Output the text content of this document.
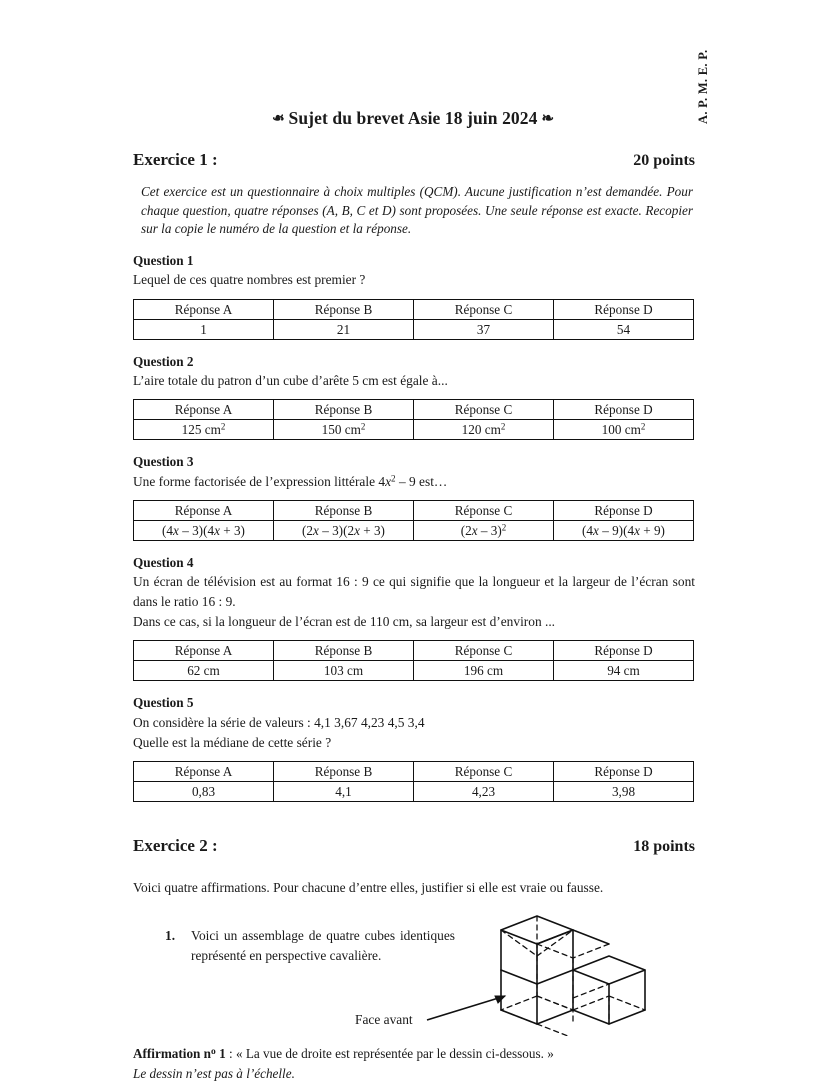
A. P. M. E. P.
❧ Sujet du brevet Asie 18 juin 2024 ❧
Exercice 1 :	20 points
Cet exercice est un questionnaire à choix multiples (QCM). Aucune justification n’est demandée. Pour chaque question, quatre réponses (A, B, C et D) sont proposées. Une seule réponse est exacte. Recopier sur la copie le numéro de la question et la réponse.
Question 1
Lequel de ces quatre nombres est premier ?
Réponse A	Réponse B	Réponse C	Réponse D
1	21	37	54
Question 2
L’aire totale du patron d’un cube d’arête 5 cm est égale à...
Réponse A	Réponse B	Réponse C	Réponse D
125 $cm^2$	150 $cm^2$	120 $cm^2$	100 $cm^2$
Question 3
Une forme factorisée de l’expression littérale $4x^2 - 9$ est…
Réponse A	Réponse B	Réponse C	Réponse D
(4x – 3)(4x + 3)	(2x – 3)(2x + 3)	(2x – 3)$^2$	(4x – 9)(4x + 9)
Question 4
Un écran de télévision est au format 16 : 9 ce qui signifie que la longueur et la largeur de l’écran sont dans le ratio 16 : 9.
Dans ce cas, si la longueur de l’écran est de 110 cm, sa largeur est d’environ ...
Réponse A	Réponse B	Réponse C	Réponse D
62 cm	103 cm	196 cm	94 cm
Question 5
On considère la série de valeurs : 4,1 3,67 4,23 4,5 3,4
Quelle est la médiane de cette série ?
Réponse A	Réponse B	Réponse C	Réponse D
0,83	4,1	4,23	3,98
Exercice 2 :	18 points
Voici quatre affirmations. Pour chacune d’entre elles, justifier si elle est vraie ou fausse.
1.	Voici un assemblage de quatre cubes identiques représenté en perspective cavalière.
Face avant
Affirmation $n^o$ 1 : « La vue de droite est représentée par le dessin ci-dessous. »
Le dessin n’est pas à l’échelle.
